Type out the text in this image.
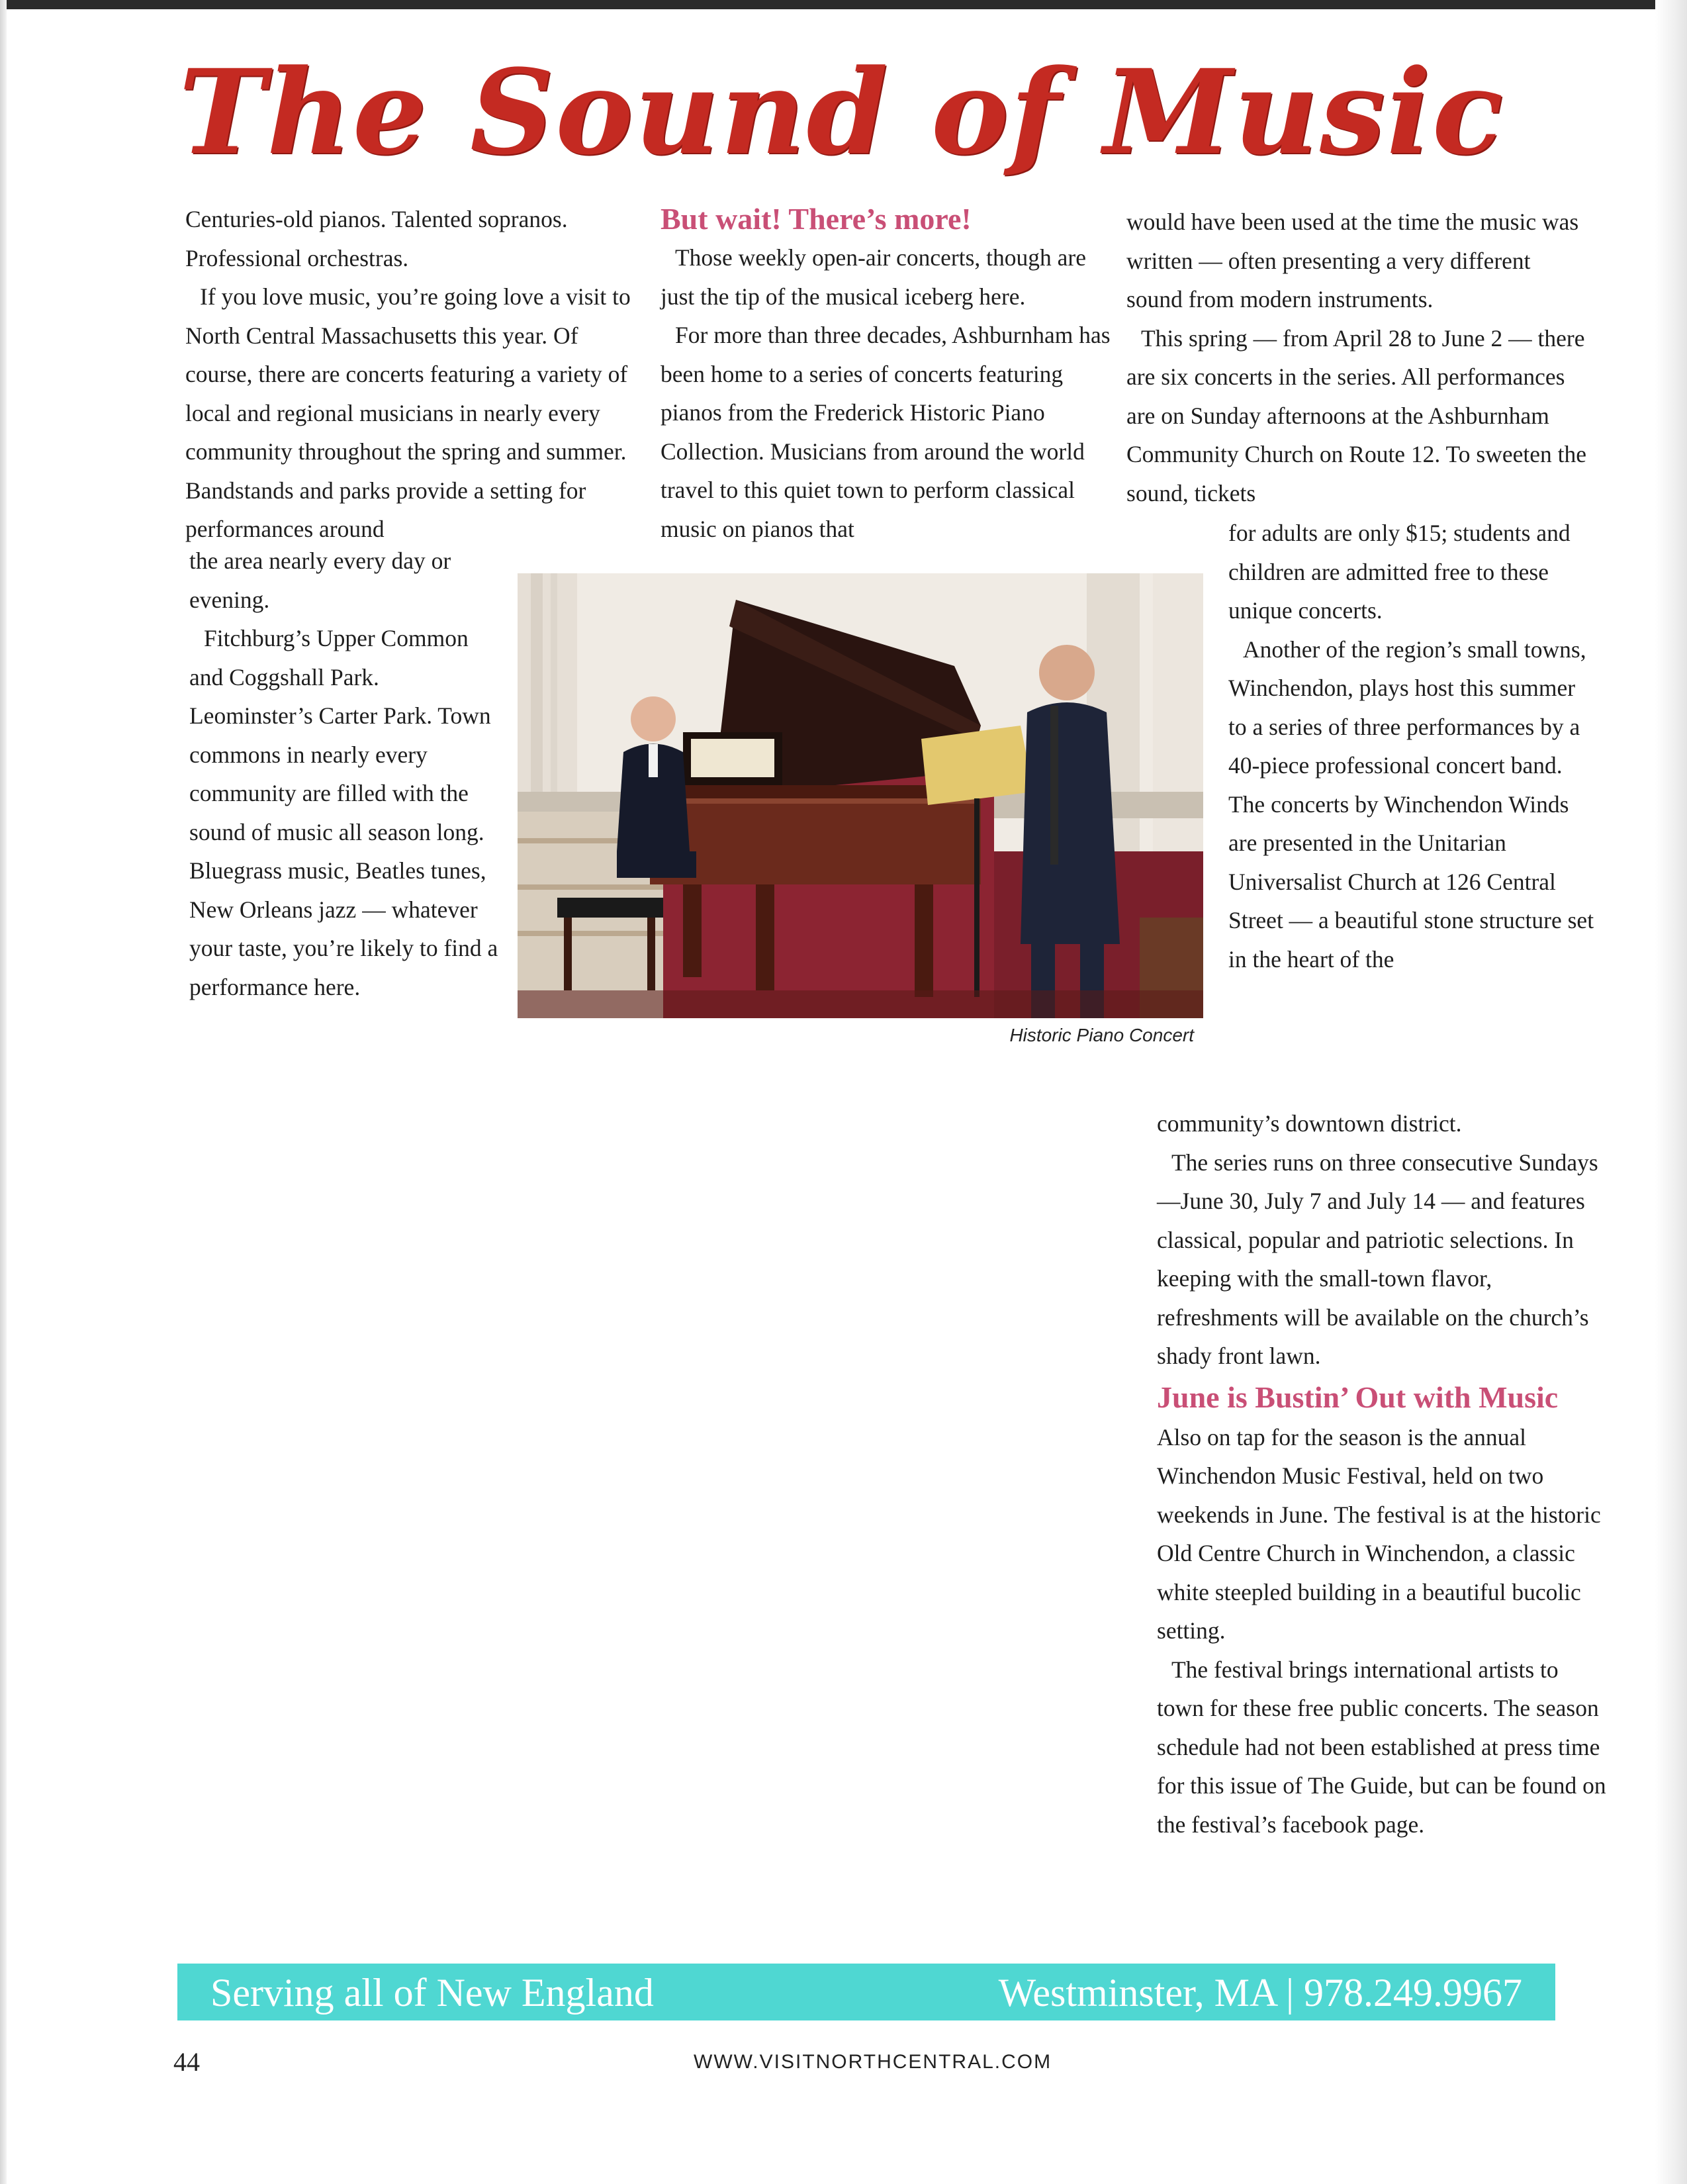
The Sound of Music

Centuries-old pianos. Talented sopranos. Professional orchestras.

If you love music, you’re going love a visit to North Central Massachusetts this year. Of course, there are concerts featuring a variety of local and regional musicians in nearly every community throughout the spring and summer. Bandstands and parks provide a setting for performances around

the area nearly every day or evening.

Fitchburg’s Upper Common and Coggshall Park. Leominster’s Carter Park. Town commons in nearly every community are filled with the sound of music all season long. Bluegrass music, Beatles tunes, New Orleans jazz — whatever your taste, you’re likely to find a performance here.

But wait! There’s more!

Those weekly open-air concerts, though are just the tip of the musical iceberg here.

For more than three decades, Ashburnham has been home to a series of concerts featuring pianos from the Frederick Historic Piano Collection. Musicians from around the world travel to this quiet town to perform classical music on pianos that

would have been used at the time the music was written — often presenting a very different sound from modern instruments.

This spring — from April 28 to June 2 — there are six concerts in the series. All performances are on Sunday afternoons at the Ashburnham Community Church on Route 12. To sweeten the sound, tickets

for adults are only $15; students and children are admitted free to these unique concerts.

Another of the region’s small towns, Winchendon, plays host this summer to a series of three performances by a 40-piece professional concert band. The concerts by Winchendon Winds are presented in the Unitarian Universalist Church at 126 Central Street — a beautiful stone structure set in the heart of the

community’s downtown district.

The series runs on three consecutive Sundays —June 30, July 7 and July 14 — and features classical, popular and patriotic selections. In keeping with the small-town flavor, refreshments will be available on the church’s shady front lawn.

June is Bustin’ Out with Music

Also on tap for the season is the annual Winchendon Music Festival, held on two weekends in June. The festival is at the historic Old Centre Church in Winchendon, a classic white steepled building in a beautiful bucolic setting.

The festival brings international artists to town for these free public concerts. The season schedule had not been established at press time for this issue of The Guide, but can be found on the festival’s facebook page.

Historic Piano Concert
Serving all of New England	Westminster, MA | 978.249.9967
44	WWW.VISITNORTHCENTRAL.COM
